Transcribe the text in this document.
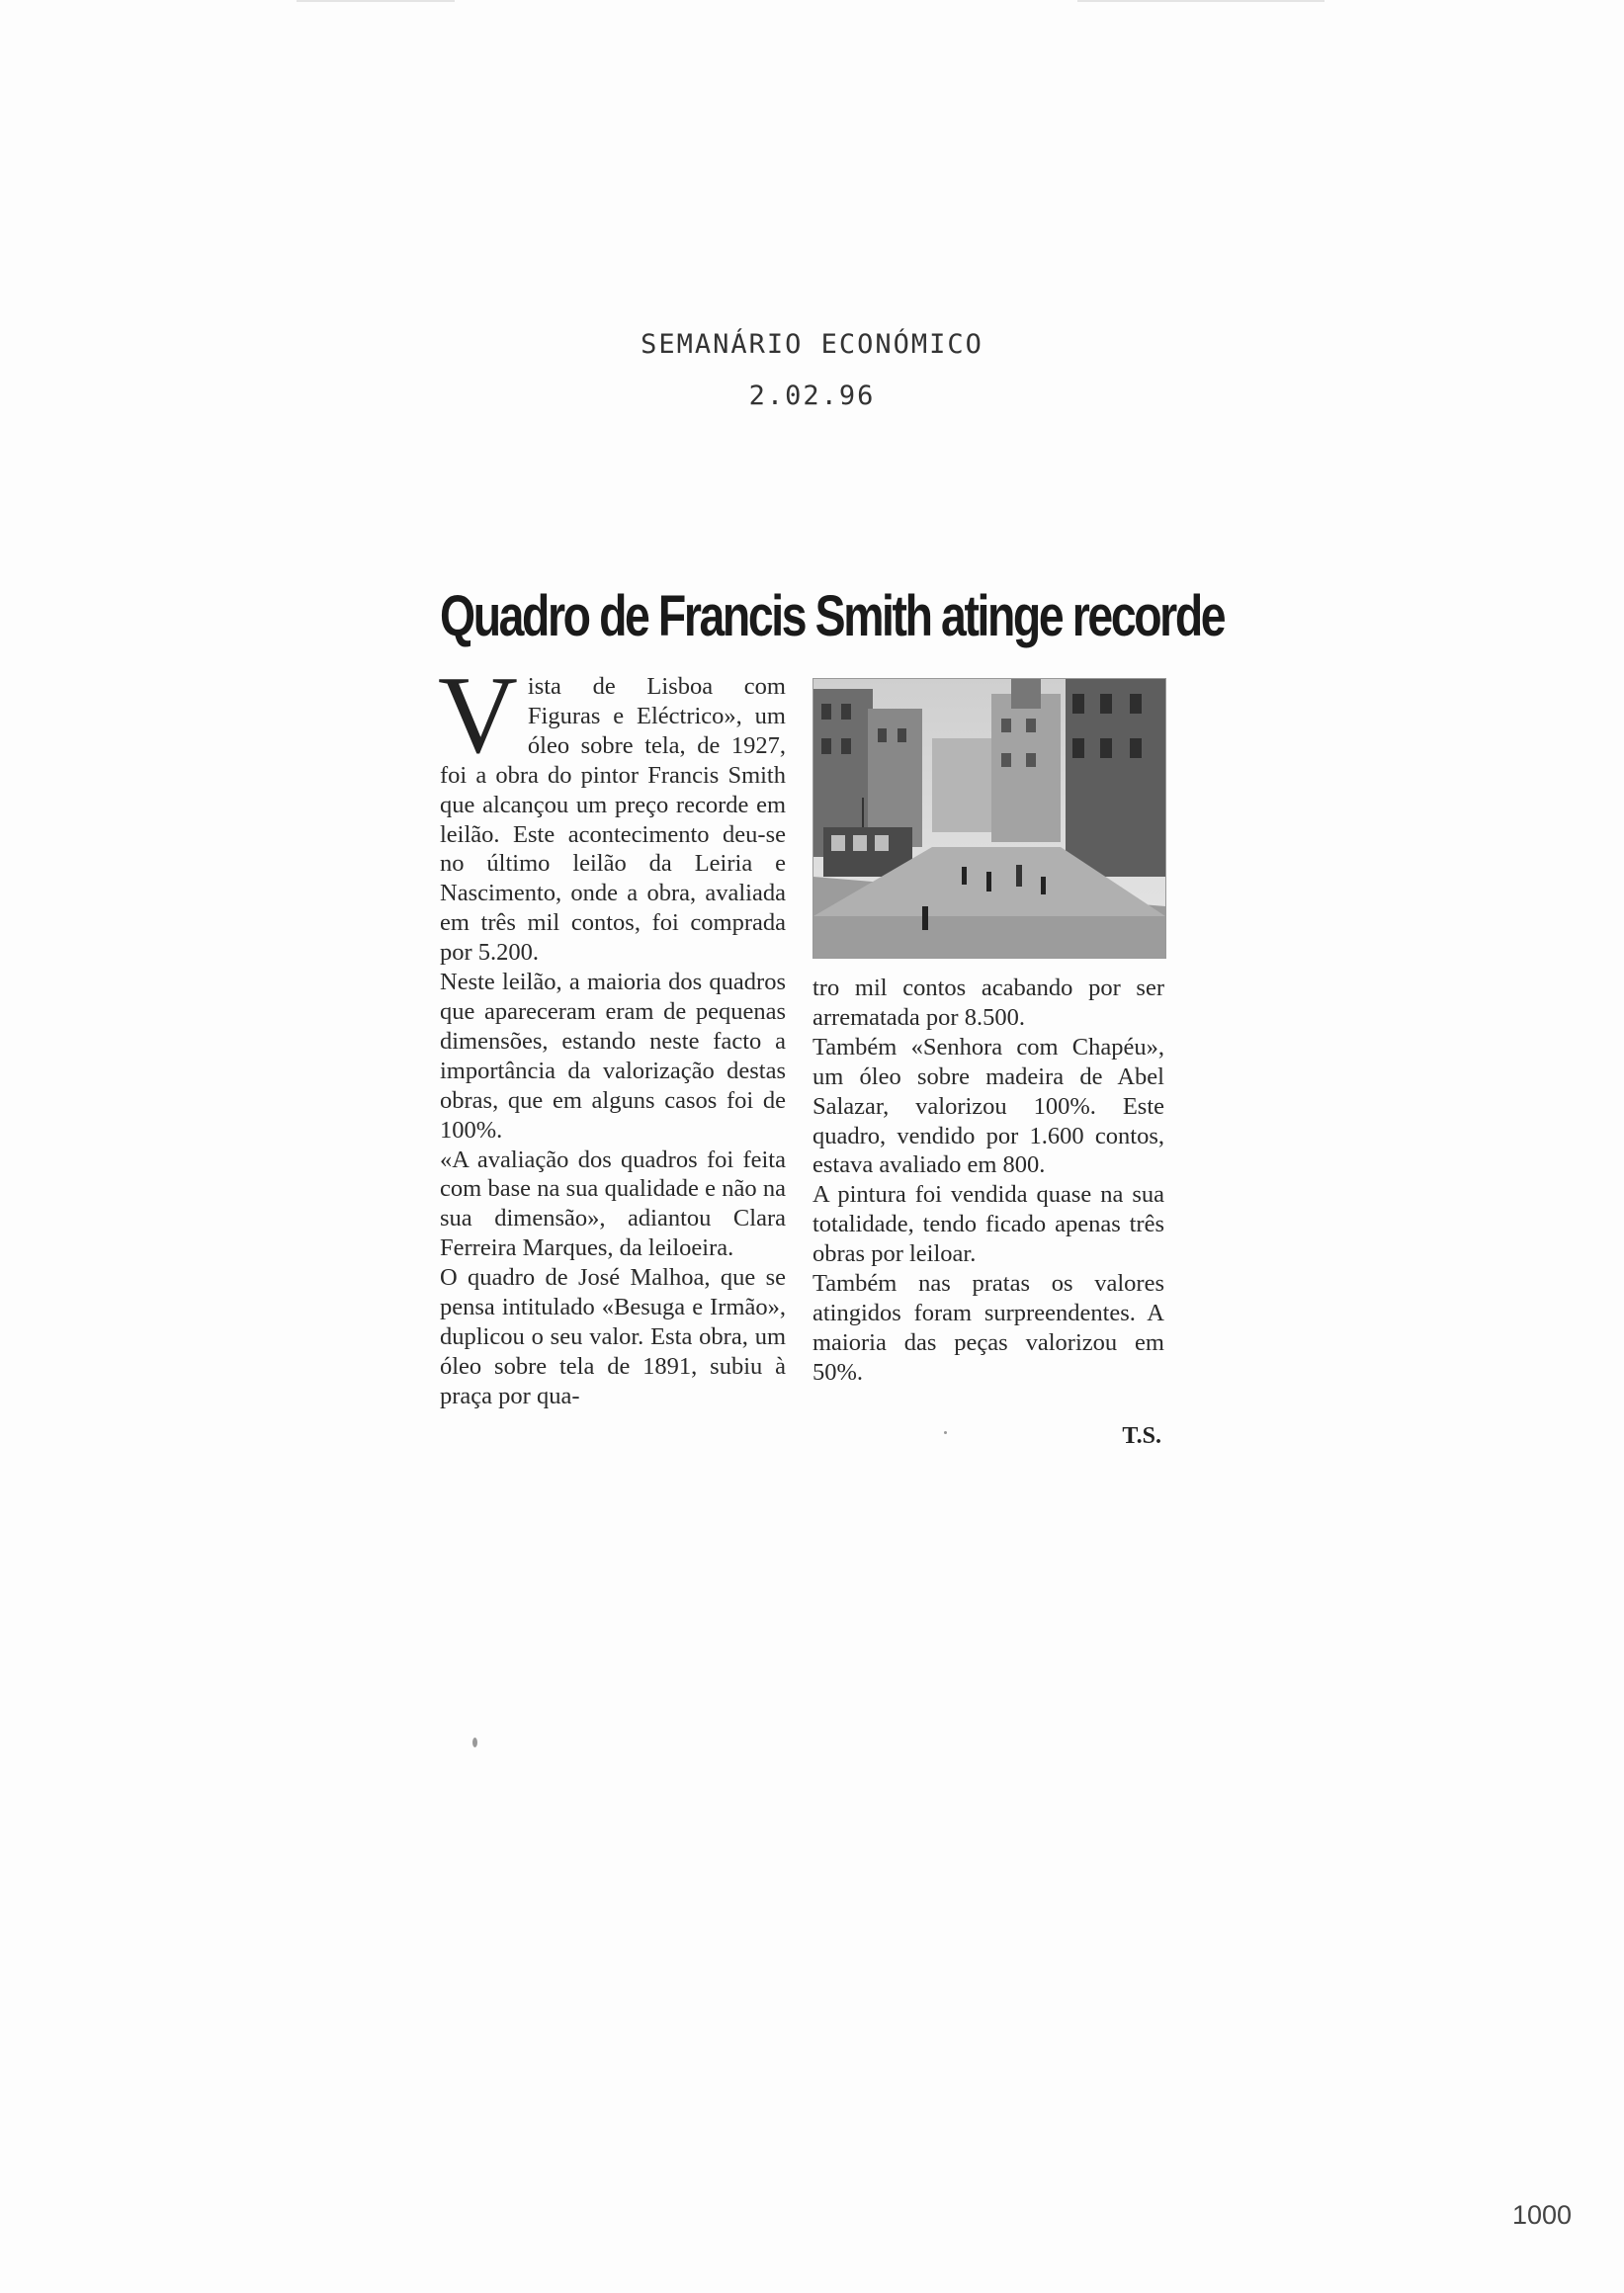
SEMANÁRIO ECONÓMICO
2.02.96
Quadro de Francis Smith atinge recorde

Vista de Lisboa com Figuras e Eléctrico», um óleo sobre tela, de 1927, foi a obra do pintor Francis Smith que alcançou um preço recorde em leilão. Este acontecimento deu-se no último leilão da Leiria e Nascimento, onde a obra, avaliada em três mil contos, foi comprada por 5.200.

Neste leilão, a maioria dos quadros que apareceram eram de pequenas dimensões, estando neste facto a importância da valorização destas obras, que em alguns casos foi de 100%.

«A avaliação dos quadros foi feita com base na sua qualidade e não na sua dimensão», adiantou Clara Ferreira Marques, da leiloeira.

O quadro de José Malhoa, que se pensa intitulado «Besuga e Irmão», duplicou o seu valor. Esta obra, um óleo sobre tela de 1891, subiu à praça por qua-

tro mil contos acabando por ser arrematada por 8.500.

Também «Senhora com Chapéu», um óleo sobre madeira de Abel Salazar, valorizou 100%. Este quadro, vendido por 1.600 contos, estava avaliado em 800.

A pintura foi vendida quase na sua totalidade, tendo ficado apenas três obras por leiloar.

Também nas pratas os valores atingidos foram surpreendentes. A maioria das peças valorizou em 50%.

T.S.
1000
